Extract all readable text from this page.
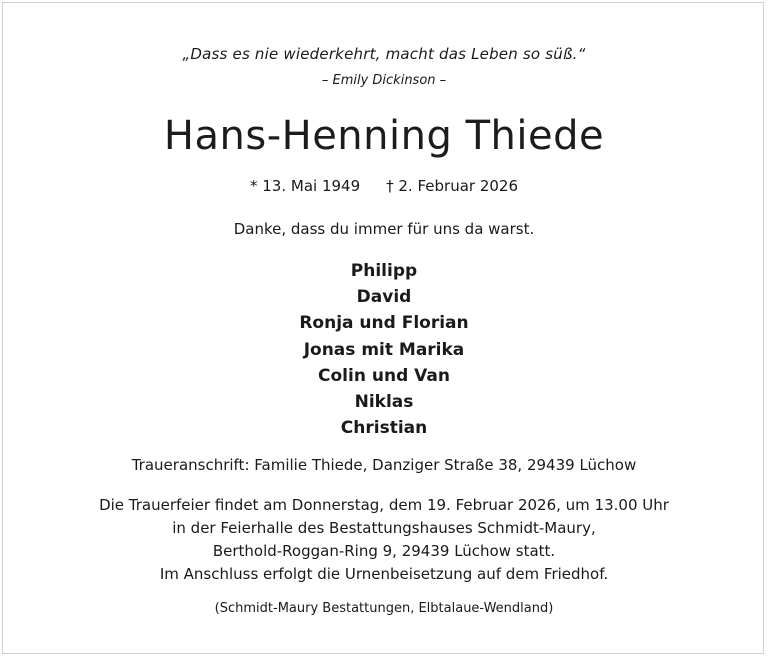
„Dass es nie wiederkehrt, macht das Leben so süß.“
– Emily Dickinson –
Hans-Henning Thiede
* 13. Mai 1949 † 2. Februar 2026
Danke, dass du immer für uns da warst.
Philipp
David
Ronja und Florian
Jonas mit Marika
Colin und Van
Niklas
Christian
Traueranschrift: Familie Thiede, Danziger Straße 38, 29439 Lüchow
Die Trauerfeier findet am Donnerstag, dem 19. Februar 2026, um 13.00 Uhr
in der Feierhalle des Bestattungshauses Schmidt-Maury,
Berthold-Roggan-Ring 9, 29439 Lüchow statt.
Im Anschluss erfolgt die Urnenbeisetzung auf dem Friedhof.
(Schmidt-Maury Bestattungen, Elbtalaue-Wendland)
